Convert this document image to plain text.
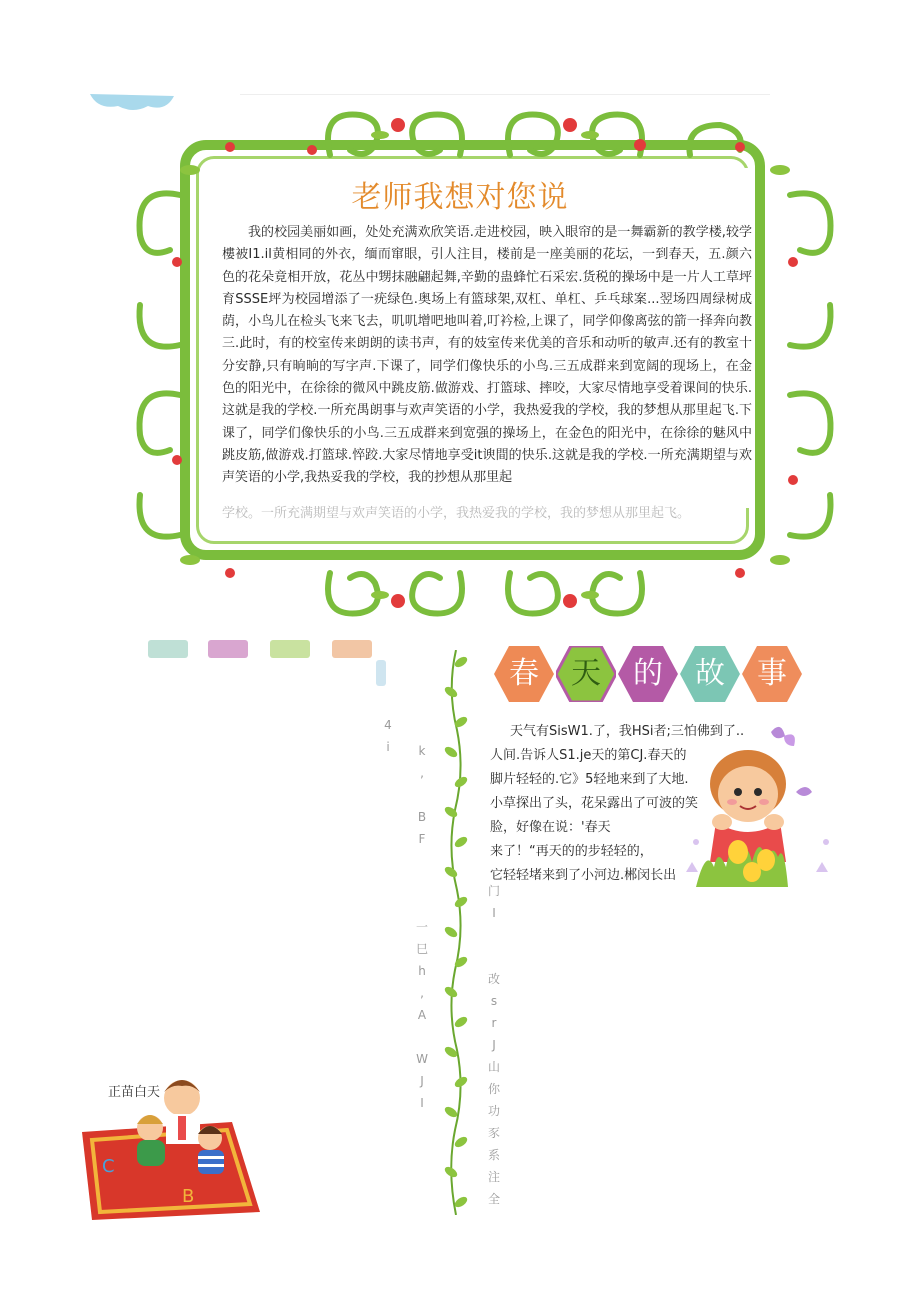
老师我想对您说
我的校园美丽如画，处处充满欢欣笑语.走进校园，映入眼帘的是一舞霸新的教学楼,较学樓被I1.il黄相同的外衣，缅而窜眼，引人注目，楼前是一座美丽的花坛，一到春天，五.颜六色的花朵竟相开放，花丛中甥抹融翩起舞,辛勤的蛊蜂忙石采宏.货税的操场中是一片人工草坪育SSSE坪为校园增添了一疣绿色.奥场上有篮球架,双杠、单杠、乒乓球案...翌场四周绿树成荫，小鸟儿在检头飞来飞去，叽叽增吧地叫着,叮衿检,上课了，同学仰像离弦的箭一择奔向教三.此时，有的校室传来朗朗的读书声，有的妓室传来优美的音乐和动听的敏声.还有的教室十分安静,只有晌晌的写字声.下课了，同学们像快乐的小鸟.三五成群来到宽阔的现场上，在金色的阳光中，在徐徐的微风中跳皮筋.做游戏、打篮球、摔咬，大家尽情地享受着课间的快乐.这就是我的学校.一所充禺朗事与欢声笑语的小学，我热爱我的学校，我的梦想从那里起飞.下课了，同学们像快乐的小鸟.三五成群来到宽强的操场上，在金色的阳光中，在徐徐的魅风中跳皮筋,做游戏.打篮球.悴跤.大家尽情地享受it谀間的快乐.这就是我的学校.一所充满期望与欢声笑语的小学,我热妥我的学校，我的抄想从那里起
学校。一所充满期望与欢声笑语的小学，我热爱我的学校，我的梦想从那里起飞。
4
i	k
,

B
F

一
巳
h
,
A

W
J
I
门
I

改
s
r
J
山
你
功
豕
系
注
全
春	天	的	故	事

天气有SisW1.了，我HSi者;三怕佛到了..

人间.告诉人S1.je天的第CJ.春天的

脚片轻轻的.它》5轻地来到了大地.

小草探出了头，花呆露出了可波的笑

脸，好像在说：'春天

来了！“再天的的步轻轻的，

它轻轻堵来到了小河边.郴闵长出

正苗白天
C
B
